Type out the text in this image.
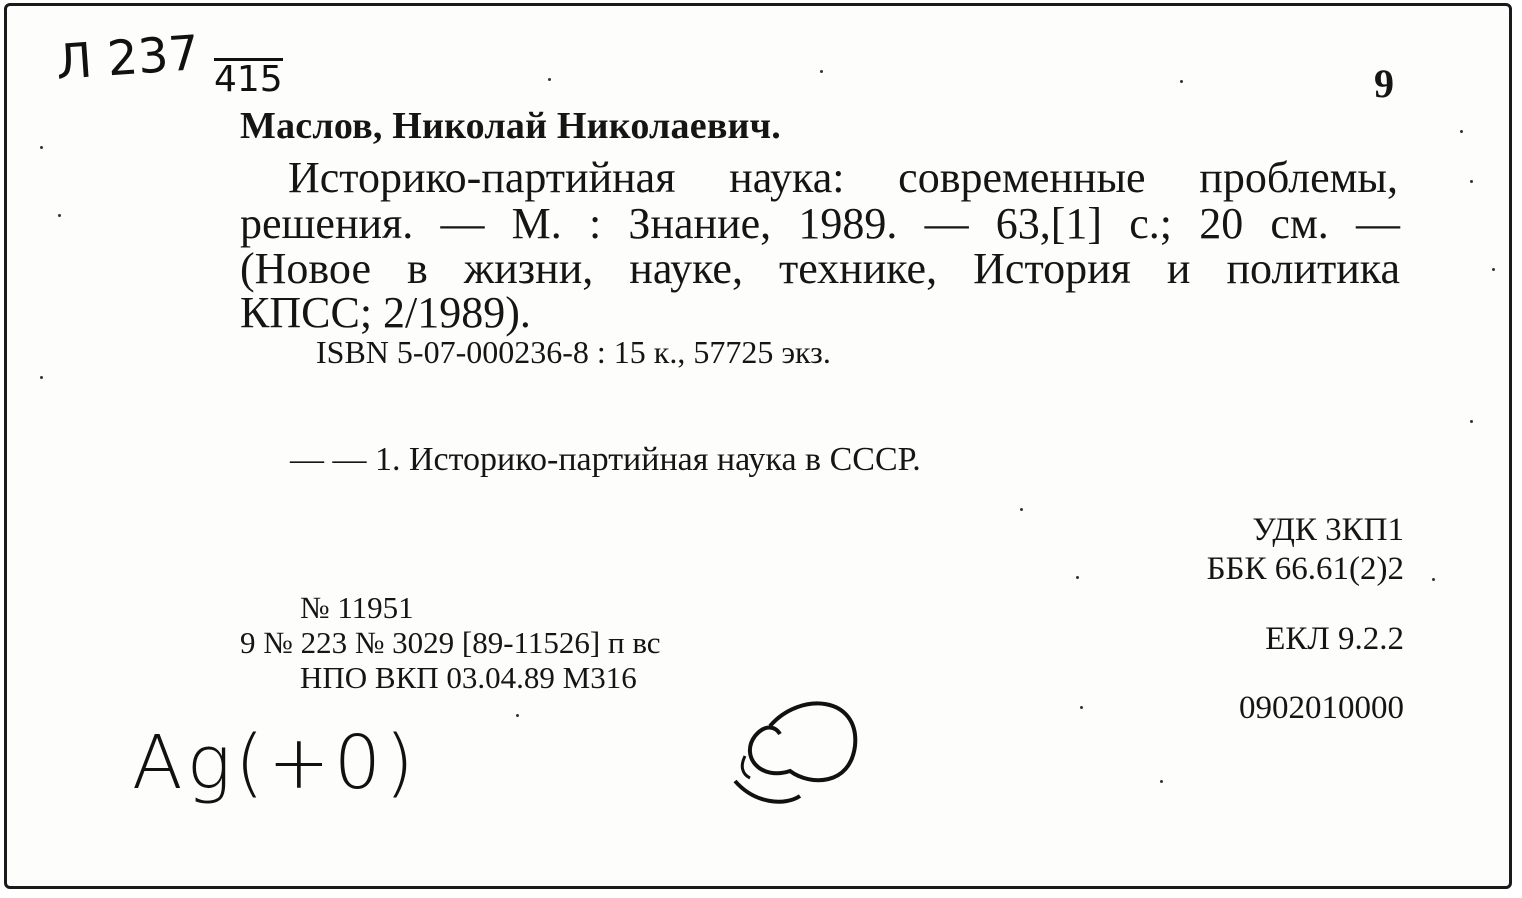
Л 237 415
Аg(+0)
9
Маслов, Николай Николаевич.
Историко-партийная наука: современные проблемы,
решения. — М. : Знание, 1989. — 63,[1] с.; 20 см. —
(Новое в жизни, науке, технике, История и политика
КПСС; 2/1989).
ISBN 5-07-000236-8 : 15 к., 57725 экз.
— — 1. Историко-партийная наука в СССР.
УДК 3КП1
ББК 66.61(2)2
ЕКЛ 9.2.2
0902010000
№ 11951
9 № 223 № 3029 [89-11526] п вс
НПО ВКП 03.04.89 М316
